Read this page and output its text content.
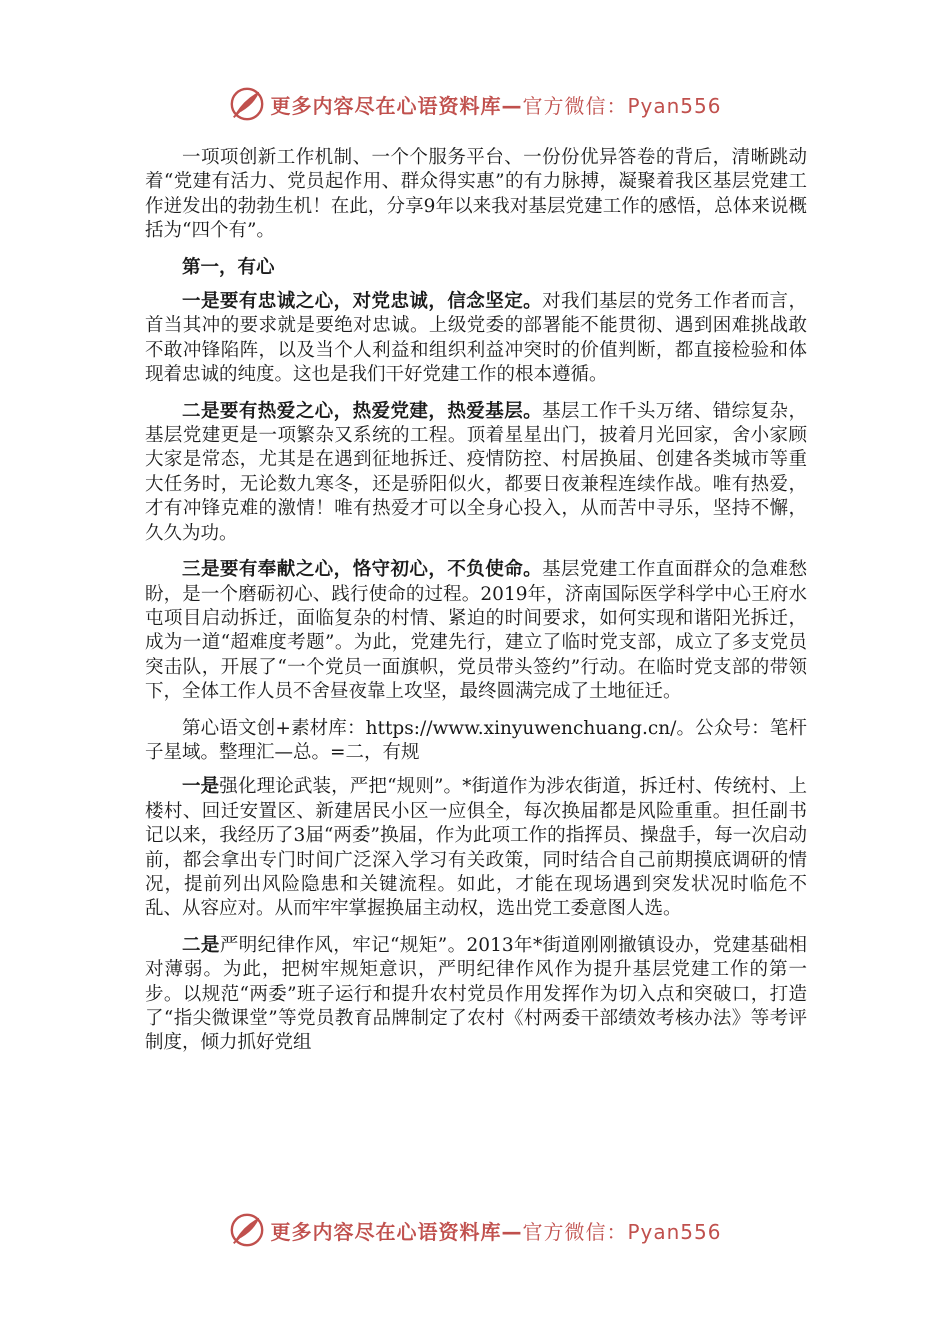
更多内容尽在心语资料库— 官方微信：Pyan556

一项项创新工作机制、一个个服务平台、一份份优异答卷的背后，清晰跳动着“党建有活力、党员起作用、群众得实惠”的有力脉搏，凝聚着我区基层党建工作迸发出的勃勃生机！在此，分享9年以来我对基层党建工作的感悟，总体来说概括为“四个有”。

第一，有心

一是要有忠诚之心，对党忠诚，信念坚定。对我们基层的党务工作者而言，首当其冲的要求就是要绝对忠诚。上级党委的部署能不能贯彻、遇到困难挑战敢不敢冲锋陷阵，以及当个人利益和组织利益冲突时的价值判断，都直接检验和体现着忠诚的纯度。这也是我们干好党建工作的根本遵循。

二是要有热爱之心，热爱党建，热爱基层。基层工作千头万绪、错综复杂，基层党建更是一项繁杂又系统的工程。顶着星星出门，披着月光回家，舍小家顾大家是常态，尤其是在遇到征地拆迁、疫情防控、村居换届、创建各类城市等重大任务时，无论数九寒冬，还是骄阳似火，都要日夜兼程连续作战。唯有热爱，才有冲锋克难的激情！唯有热爱才可以全身心投入，从而苦中寻乐，坚持不懈，久久为功。

三是要有奉献之心，恪守初心，不负使命。基层党建工作直面群众的急难愁盼，是一个磨砺初心、践行使命的过程。2019年，济南国际医学科学中心王府水屯项目启动拆迁，面临复杂的村情、紧迫的时间要求，如何实现和谐阳光拆迁，成为一道“超难度考题”。为此，党建先行，建立了临时党支部，成立了多支党员突击队，开展了“一个党员一面旗帜，党员带头签约”行动。在临时党支部的带领下，全体工作人员不舍昼夜靠上攻坚，最终圆满完成了土地征迁。

第心语文创+素材库：https://www.xinyuwenchuang.cn/。公众号：笔杆子星域。整理汇—总。=二，有规

一是强化理论武装，严把“规则”。*街道作为涉农街道，拆迁村、传统村、上楼村、回迁安置区、新建居民小区一应俱全，每次换届都是风险重重。担任副书记以来，我经历了3届“两委”换届，作为此项工作的指挥员、操盘手，每一次启动前，都会拿出专门时间广泛深入学习有关政策，同时结合自己前期摸底调研的情况，提前列出风险隐患和关键流程。如此，才能在现场遇到突发状况时临危不乱、从容应对。从而牢牢掌握换届主动权，选出党工委意图人选。

二是严明纪律作风，牢记“规矩”。2013年*街道刚刚撤镇设办，党建基础相对薄弱。为此，把树牢规矩意识，严明纪律作风作为提升基层党建工作的第一步。以规范“两委”班子运行和提升农村党员作用发挥作为切入点和突破口，打造了“指尖微课堂”等党员教育品牌制定了农村《村两委干部绩效考核办法》等考评制度，倾力抓好党组

更多内容尽在心语资料库— 官方微信：Pyan556
